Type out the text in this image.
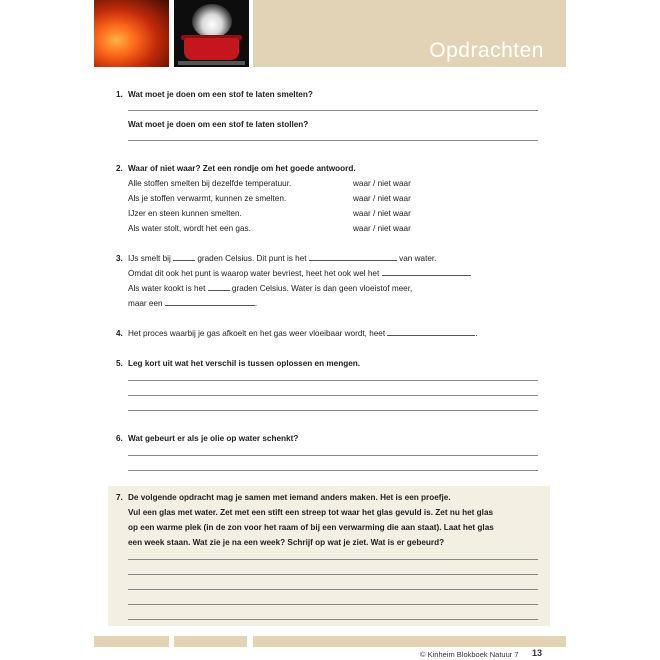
Opdrachten
1. Wat moet je doen om een stof te laten smelten?
Wat moet je doen om een stof te laten stollen?
2. Waar of niet waar? Zet een rondje om het goede antwoord.
Alle stoffen smelten bij dezelfde temperatuur.	waar / niet waar
Als je stoffen verwarmt, kunnen ze smelten.	waar / niet waar
IJzer en steen kunnen smelten.	waar / niet waar
Als water stolt, wordt het een gas.	waar / niet waar
3. IJs smelt bij	graden Celsius. Dit punt is het	van water.
Omdat dit ook het punt is waarop water bevriest, heet het ook wel het	.
Als water kookt is het	graden Celsius. Water is dan geen vloeistof meer,
maar een	.
4. Het proces waarbij je gas afkoelt en het gas weer vloeibaar wordt, heet	.
5. Leg kort uit wat het verschil is tussen oplossen en mengen.
6. Wat gebeurt er als je olie op water schenkt?
7. De volgende opdracht mag je samen met iemand anders maken. Het is een proefje.
Vul een glas met water. Zet met een stift een streep tot waar het glas gevuld is. Zet nu het glas
op een warme plek (in de zon voor het raam of bij een verwarming die aan staat). Laat het glas
een week staan. Wat zie je na een week? Schrijf op wat je ziet. Wat is er gebeurd?
© Kinheim Blokboek Natuur 7 13
